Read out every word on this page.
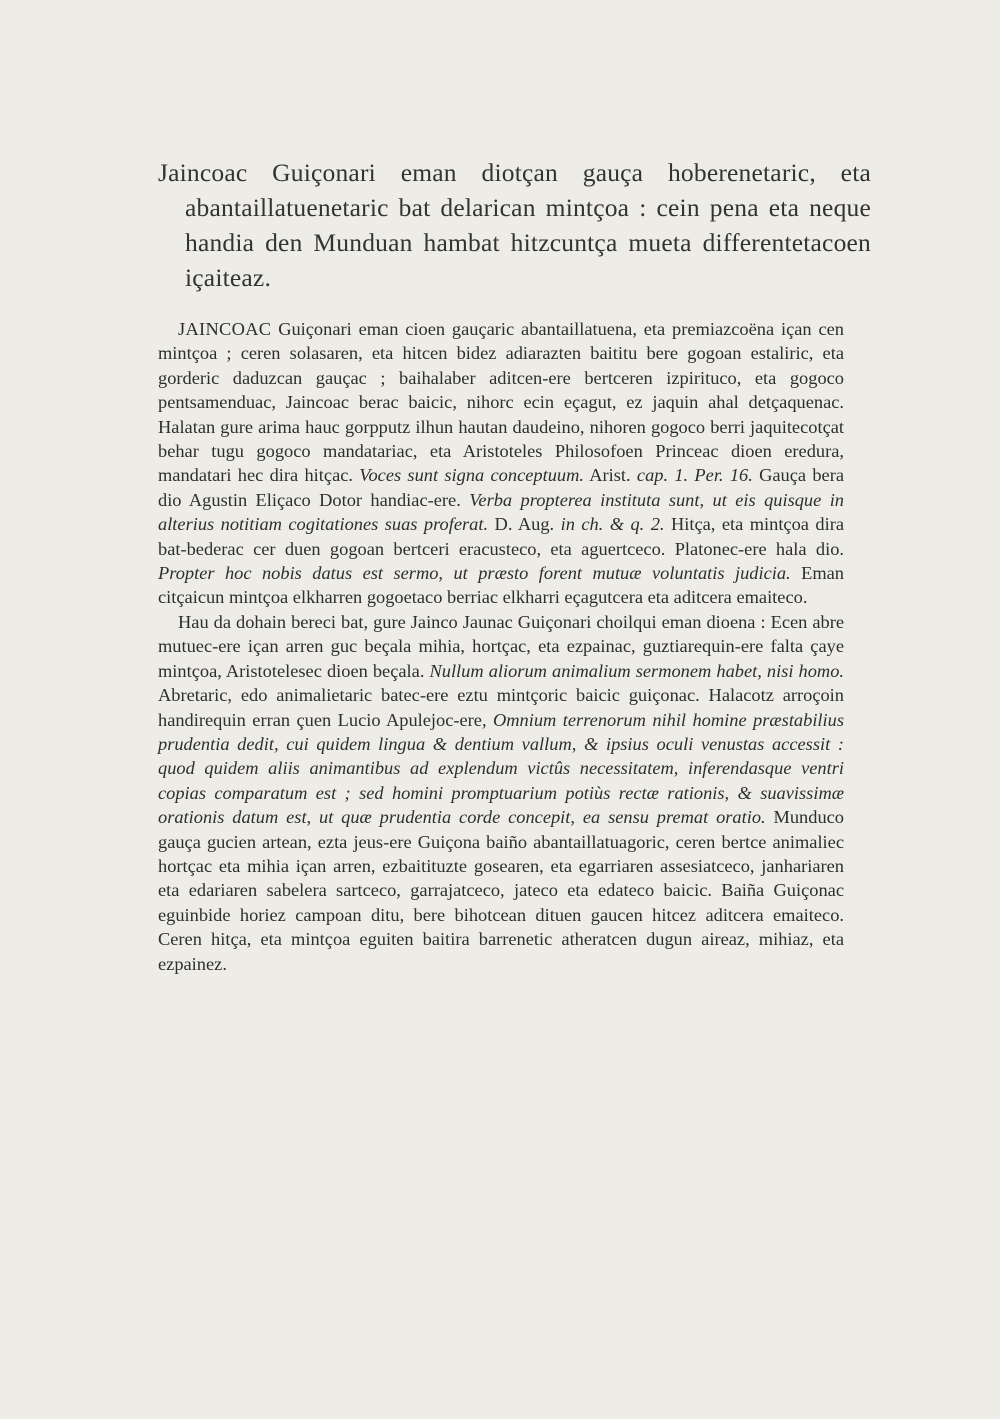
Jaincoac Guiçonari eman diotçan gauça hoberenetaric, eta abantaillatuenetaric bat delarican mintçoa : cein pena eta neque handia den Munduan hambat hitzcuntça mueta differentetacoen içaiteaz.

JAINCOAC Guiçonari eman cioen gauçaric abantaillatuena, eta premiazcoëna içan cen mintçoa ; ceren solasaren, eta hitcen bidez adiarazten baititu bere gogoan estaliric, eta gorderic daduzcan gauçac ; baihalaber aditcen-ere bertceren izpirituco, eta gogoco pentsamenduac, Jaincoac berac baicic, nihorc ecin eçagut, ez jaquin ahal detçaquenac. Halatan gure arima hauc gorpputz ilhun hautan daudeino, nihoren gogoco berri jaquitecotçat behar tugu gogoco mandatariac, eta Aristoteles Philosofoen Princeac dioen eredura, mandatari hec dira hitçac. Voces sunt signa conceptuum. Arist. cap. 1. Per. 16. Gauça bera dio Agustin Eliçaco Dotor handiac-ere. Verba propterea instituta sunt, ut eis quisque in alterius notitiam cogitationes suas proferat. D. Aug. in ch. & q. 2. Hitça, eta mintçoa dira bat-bederac cer duen gogoan bertceri eracusteco, eta aguertceco. Platonec-ere hala dio. Propter hoc nobis datus est sermo, ut præsto forent mutuæ voluntatis judicia. Eman citçaicun mintçoa elkharren gogoetaco berriac elkharri eçagutcera eta aditcera emaiteco.

Hau da dohain bereci bat, gure Jainco Jaunac Guiçonari choilqui eman dioena : Ecen abre mutuec-ere içan arren guc beçala mihia, hortçac, eta ezpainac, guztiarequin-ere falta çaye mintçoa, Aristotelesec dioen beçala. Nullum aliorum animalium sermonem habet, nisi homo. Abretaric, edo animalietaric batec-ere eztu mintçoric baicic guiçonac. Halacotz arroçoin handirequin erran çuen Lucio Apulejoc-ere, Omnium terrenorum nihil homine præstabilius prudentia dedit, cui quidem lingua & dentium vallum, & ipsius oculi venustas accessit : quod quidem aliis animantibus ad explendum victûs necessitatem, inferendasque ventri copias comparatum est ; sed homini promptuarium potiùs rectæ rationis, & suavissimæ orationis datum est, ut quæ prudentia corde concepit, ea sensu premat oratio. Munduco gauça gucien artean, ezta jeus-ere Guiçona baiño abantaillatuagoric, ceren bertce animaliec hortçac eta mihia içan arren, ezbaitituzte gosearen, eta egarriaren assesiatceco, janhariaren eta edariaren sabelera sartceco, garrajatceco, jateco eta edateco baicic. Baiña Guiçonac eguinbide horiez campoan ditu, bere bihotcean dituen gaucen hitcez aditcera emaiteco. Ceren hitça, eta mintçoa eguiten baitira barrenetic atheratcen dugun aireaz, mihiaz, eta ezpainez.
